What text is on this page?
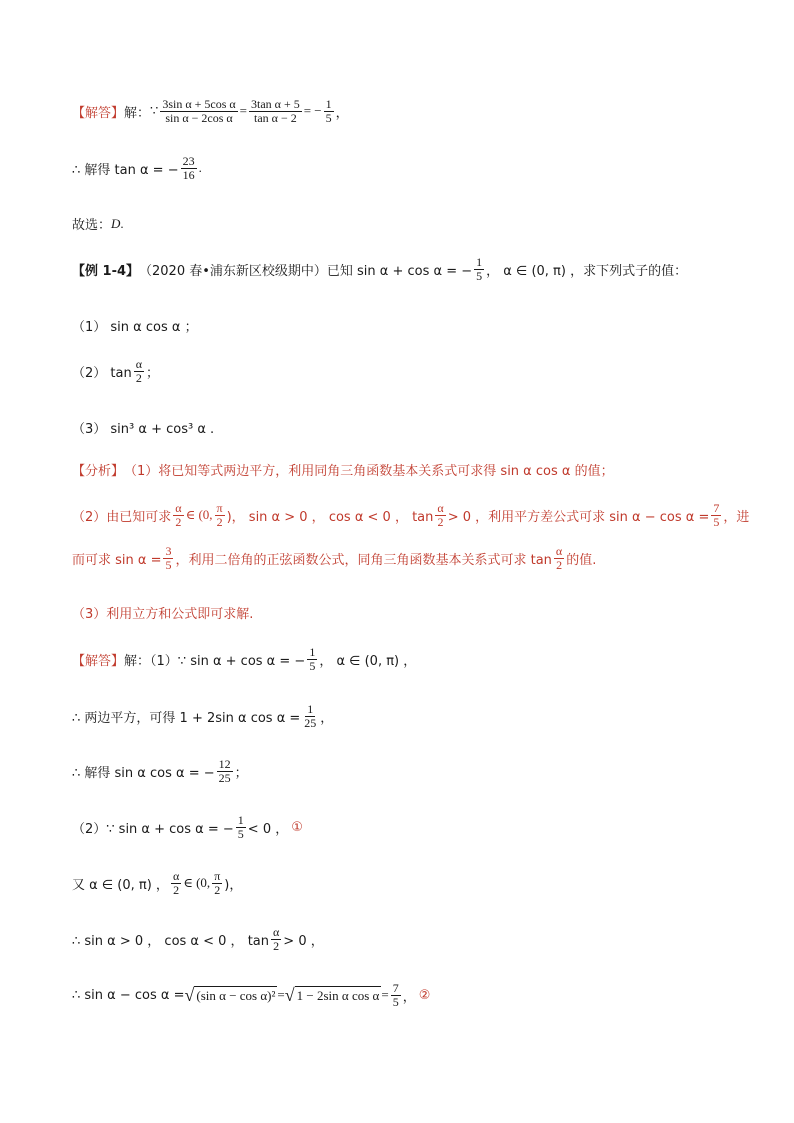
【解答】 解： ∵ $\frac{\text{3sin α + 5cos α}}{\text{sin α − 2cos α}} = \frac{\text{3tan α + 5}}{\text{tan α − 2}}$ = − $\frac{1}{5}$ ，
∴ 解得 tan α = − $\frac{23}{16}$ .
故选： D .
【例 1-4】 （2020 春•浦东新区校级期中）已知 sin α + cos α = − $\frac{1}{5}$ ， α ∈ (0, π) ，求下列式子的值：
（1） sin α cos α ；
（2） $\tan \frac{\alpha}{2}$ ；
（3） sin³ α + cos³ α .
【分析】 （1）将已知等式两边平方，利用同角三角函数基本关系式可求得 sin α cos α 的值；
（2）由已知可求 $\frac{\alpha}{2}$ ∈ (0, $\frac{\pi}{2}$ )， sin α > 0 ， cos α < 0 ， $\tan \frac{\alpha}{2} > 0$ ，利用平方差公式可求 $\sin \alpha - \cos \alpha = \frac{7}{5}$ ，进
而可求 $\sin \alpha = \frac{3}{5}$ ，利用二倍角的正弦函数公式，同角三角函数基本关系式可求 $\tan \frac{\alpha}{2}$ 的值.
（3）利用立方和公式即可求解.
【解答】 解：（1）∵ sin α + cos α = − $\frac{1}{5}$ ， α ∈ (0, π) ，
∴ 两边平方，可得 1 + 2sin α $\cos \alpha = \frac{1}{25}$ ，
∴ 解得 sin α cos α = − $\frac{12}{25}$ ；
（2）∵ sin α + cos α = − $\frac{1}{5} < 0$ ， ①
又 α ∈ (0, π) ， $\frac{\alpha}{2}$ ∈ (0, $\frac{\pi}{2}$ )，
∴ sin α > 0 ， cos α < 0 ， $\tan \frac{\alpha}{2} > 0$ ，
∴ sin α − cos α = √ (sin α − cos α)² = √ 1 − 2sin α $\cos \alpha = \frac{7}{5}$ ， ②
